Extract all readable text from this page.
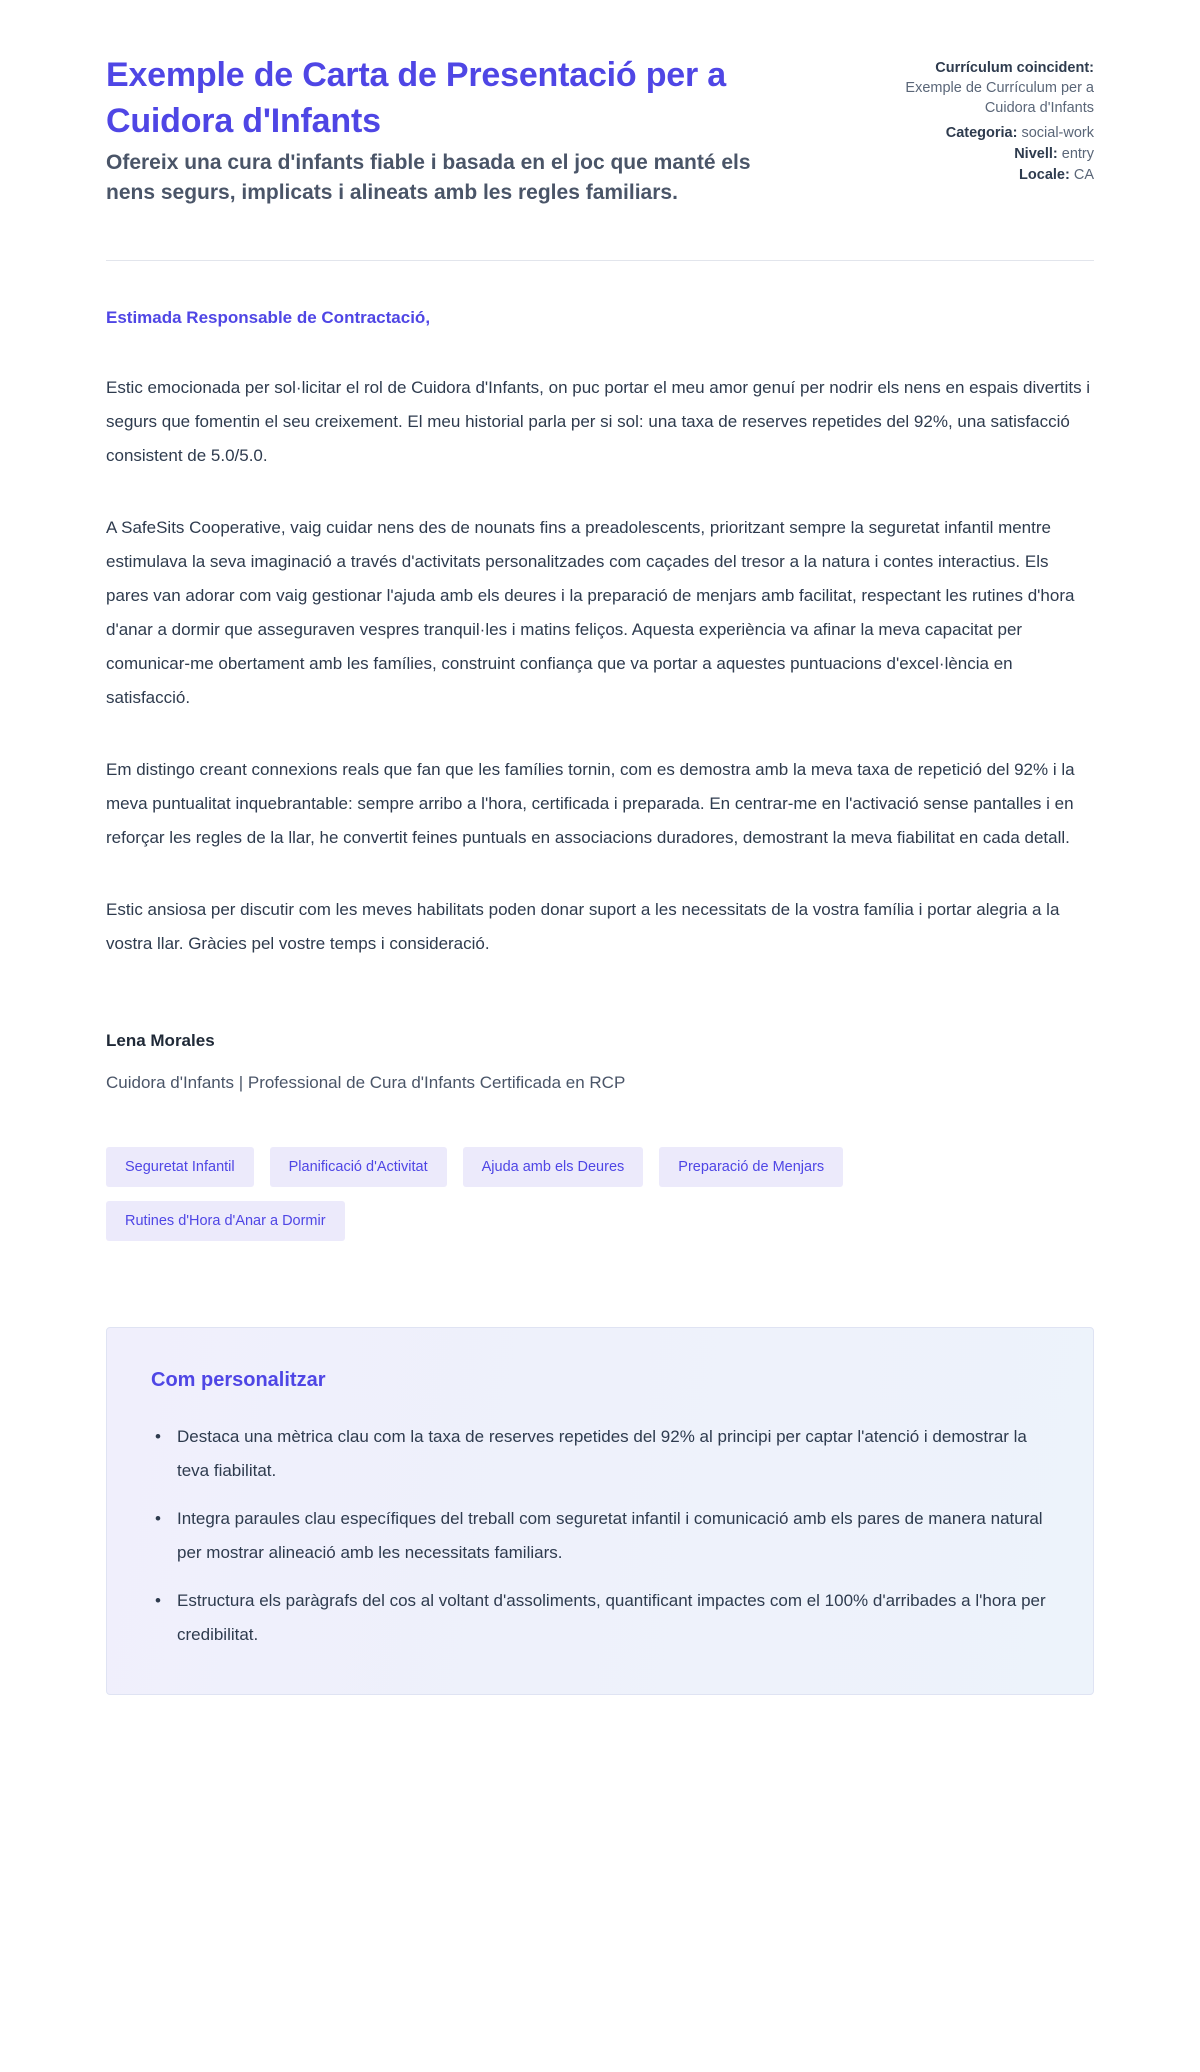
Exemple de Carta de Presentació per a Cuidora d'Infants

Ofereix una cura d'infants fiable i basada en el joc que manté els nens segurs, implicats i alineats amb les regles familiars.

Currículum coincident:
Exemple de Currículum per a Cuidora d'Infants
Categoria: social-work
Nivell: entry
Locale: CA

Estimada Responsable de Contractació,

Estic emocionada per sol·licitar el rol de Cuidora d'Infants, on puc portar el meu amor genuí per nodrir els nens en espais divertits i segurs que fomentin el seu creixement. El meu historial parla per si sol: una taxa de reserves repetides del 92%, una satisfacció consistent de 5.0/5.0.

A SafeSits Cooperative, vaig cuidar nens des de nounats fins a preadolescents, prioritzant sempre la seguretat infantil mentre estimulava la seva imaginació a través d'activitats personalitzades com caçades del tresor a la natura i contes interactius. Els pares van adorar com vaig gestionar l'ajuda amb els deures i la preparació de menjars amb facilitat, respectant les rutines d'hora d'anar a dormir que asseguraven vespres tranquil·les i matins feliços. Aquesta experiència va afinar la meva capacitat per comunicar-me obertament amb les famílies, construint confiança que va portar a aquestes puntuacions d'excel·lència en satisfacció.

Em distingo creant connexions reals que fan que les famílies tornin, com es demostra amb la meva taxa de repetició del 92% i la meva puntualitat inquebrantable: sempre arribo a l'hora, certificada i preparada. En centrar-me en l'activació sense pantalles i en reforçar les regles de la llar, he convertit feines puntuals en associacions duradores, demostrant la meva fiabilitat en cada detall.

Estic ansiosa per discutir com les meves habilitats poden donar suport a les necessitats de la vostra família i portar alegria a la vostra llar. Gràcies pel vostre temps i consideració.

Lena Morales

Cuidora d'Infants | Professional de Cura d'Infants Certificada en RCP

Seguretat Infantil	Planificació d'Activitat	Ajuda amb els Deures	Preparació de Menjars
Rutines d'Hora d'Anar a Dormir
Com personalitzar
• Destaca una mètrica clau com la taxa de reserves repetides del 92% al principi per captar l'atenció i demostrar la teva fiabilitat.
• Integra paraules clau específiques del treball com seguretat infantil i comunicació amb els pares de manera natural per mostrar alineació amb les necessitats familiars.
• Estructura els paràgrafs del cos al voltant d'assoliments, quantificant impactes com el 100% d'arribades a l'hora per credibilitat.
